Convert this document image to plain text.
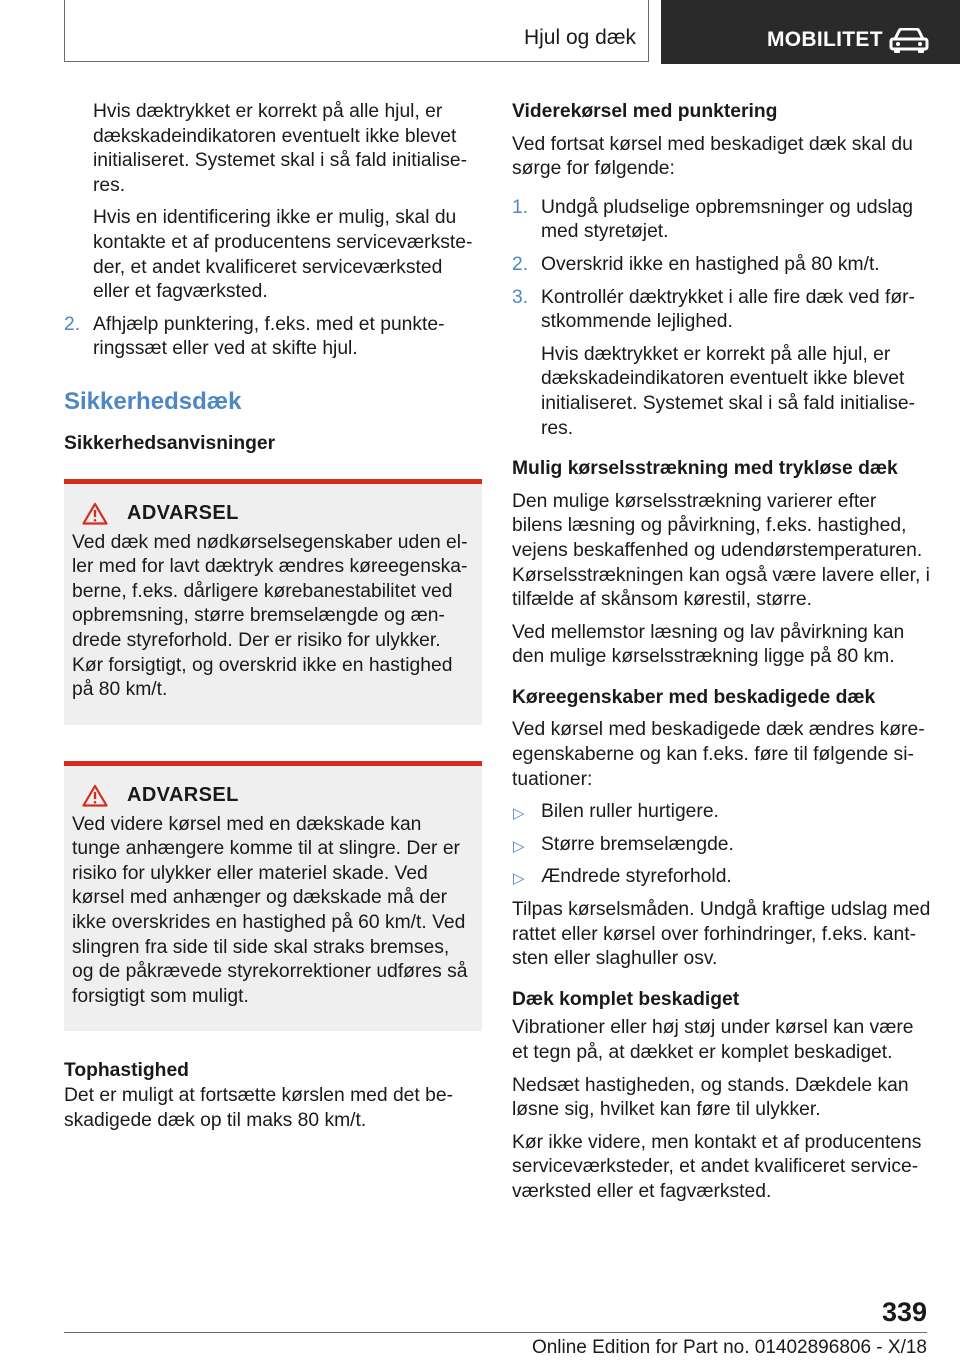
Hjul og dæk	MOBILITET

Hvis dæktrykket er korrekt på alle hjul, er dækskadeindikatoren eventuelt ikke blevet initialiseret. Systemet skal i så fald initialiseres.

Hvis en identificering ikke er mulig, skal du kontakte et af producentens serviceværksteder, et andet kvalificeret serviceværksted eller et fagværksted.

2. Afhjælp punktering, f.eks. med et punkteringssæt eller ved at skifte hjul.
Sikkerhedsdæk
Sikkerhedsanvisninger
ADVARSEL

Ved dæk med nødkørselsegenskaber uden eller med for lavt dæktryk ændres køreegenskaberne, f.eks. dårligere kørebanestabilitet ved opbremsning, større bremselængde og ændrede styreforhold. Der er risiko for ulykker. Kør forsigtigt, og overskrid ikke en hastighed på 80 km/t.

ADVARSEL

Ved videre kørsel med en dækskade kan tunge anhængere komme til at slingre. Der er risiko for ulykker eller materiel skade. Ved kørsel med anhænger og dækskade må der ikke overskrides en hastighed på 60 km/t. Ved slingren fra side til side skal straks bremses, og de påkrævede styrekorrektioner udføres så forsigtigt som muligt.

Tophastighed

Det er muligt at fortsætte kørslen med det beskadigede dæk op til maks 80 km/t.

Viderekørsel med punktering

Ved fortsat kørsel med beskadiget dæk skal du sørge for følgende:

1. Undgå pludselige opbremsninger og udslag med styretøjet.
2. Overskrid ikke en hastighed på 80 km/t.
3. Kontrollér dæktrykket i alle fire dæk ved førstkommende lejlighed.

Hvis dæktrykket er korrekt på alle hjul, er dækskadeindikatoren eventuelt ikke blevet initialiseret. Systemet skal i så fald initialiseres.

Mulig kørselsstrækning med trykløse dæk

Den mulige kørselsstrækning varierer efter bilens læsning og påvirkning, f.eks. hastighed, vejens beskaffenhed og udendørstemperaturen. Kørselsstrækningen kan også være lavere eller, i tilfælde af skånsom kørestil, større.

Ved mellemstor læsning og lav påvirkning kan den mulige kørselsstrækning ligge på 80 km.

Køreegenskaber med beskadigede dæk

Ved kørsel med beskadigede dæk ændres køreegenskaberne og kan f.eks. føre til følgende situationer:

▷ Bilen ruller hurtigere.
▷ Større bremselængde.
▷ Ændrede styreforhold.

Tilpas kørselsmåden. Undgå kraftige udslag med rattet eller kørsel over forhindringer, f.eks. kantsten eller slaghuller osv.

Dæk komplet beskadiget

Vibrationer eller høj støj under kørsel kan være et tegn på, at dækket er komplet beskadiget.

Nedsæt hastigheden, og stands. Dækdele kan løsne sig, hvilket kan føre til ulykker.

Kør ikke videre, men kontakt et af producentens serviceværksteder, et andet kvalificeret serviceværksted eller et fagværksted.

339
Online Edition for Part no. 01402896806 - X/18
